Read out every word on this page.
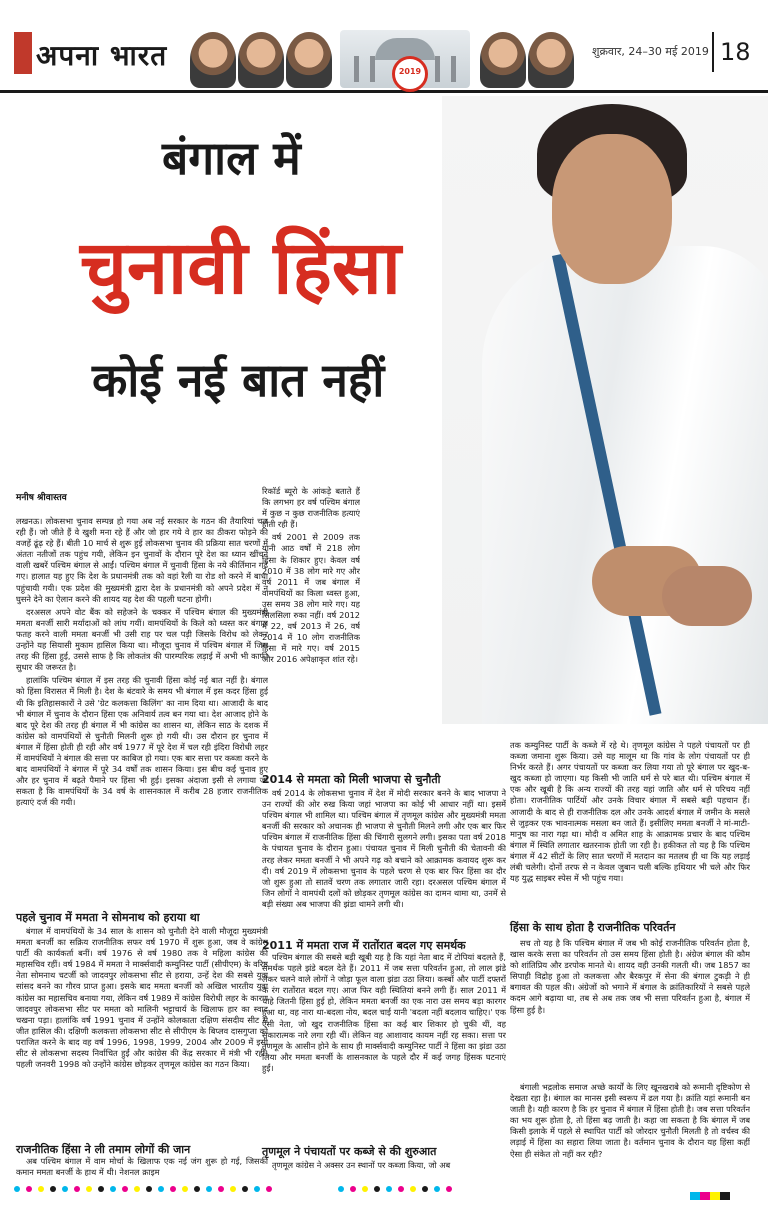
अपना भारत	2019
शुक्रवार, 24–30 मई 2019 18
बंगाल में
चुनावी हिंसा
कोई नई बात नहीं
मनीष श्रीवास्तव

लखनऊ। लोकसभा चुनाव सम्पन्न हो गया अब नई सरकार के गठन की तैयारियां चल रही हैं। जो जीते हैं वे खुशी मना रहे हैं और जो हार गये वे हार का ठीकरा फोड़ने की वजहें ढूंढ़ रहे हैं। बीती 10 मार्च से शुरू हुई लोकसभा चुनाव की प्रक्रिया सात चरणों में अंततः नतीजों तक पहुंच गयी, लेकिन इन चुनावों के दौरान पूरे देश का ध्यान खींचने वाली खबरें पश्चिम बंगाल से आईं। पश्चिम बंगाल में चुनावी हिंसा के नये कीर्तिमान गढ़े गए। हालात यह हुए कि देश के प्रधानमंत्री तक को वहां रैली या रोड शो करने में बाधा पहुंचायी गयी। एक प्रदेश की मुख्यमंत्री द्वारा देश के प्रधानमंत्री को अपने प्रदेश में न घुसने देने का ऐलान करने की शायद यह देश की पहली घटना होगी।

दरअसल अपने वोट बैंक को सहेजने के चक्कर में पश्चिम बंगाल की मुख्यमंत्री ममता बनर्जी सारी मर्यादाओं को लांघ गयीं। वामपंथियों के किले को ध्वस्त कर बंगाल फतह करने वाली ममता बनर्जी भी उसी राह पर चल पड़ी जिसके विरोध को लेकर उन्होंने यह सियासी मुकाम हासिल किया था। मौजूदा चुनाव में पश्चिम बंगाल में जिस तरह की हिंसा हुई, उससे साफ है कि लोकतंत्र की पारम्परिक लड़ाई में अभी भी काफी सुधार की जरूरत है।

हालांकि पश्चिम बंगाल में इस तरह की चुनावी हिंसा कोई नई बात नहीं है। बंगाल को हिंसा विरासत में मिली है। देश के बंटवारे के समय भी बंगाल में इस कदर हिंसा हुई थी कि इतिहासकारों ने उसे 'ग्रेट कलकत्ता किलिंग' का नाम दिया था। आजादी के बाद भी बंगाल में चुनाव के दौरान हिंसा एक अनिवार्य तत्व बन गया था। देश आजाद होने के बाद पूरे देश की तरह ही बंगाल में भी कांग्रेस का शासन था, लेकिन साठ के दशक में कांग्रेस को वामपंथियों से चुनौती मिलनी शुरू हो गयी थी। उस दौरान हर चुनाव में बंगाल में हिंसा होती ही रही और वर्ष 1977 में पूरे देश में चल रही इंदिरा विरोधी लहर में वामपंथियों ने बंगाल की सत्ता पर काबिज हो गया। एक बार सत्ता पर कब्जा करने के बाद वामपंथियों ने बंगाल में पूरे 34 वर्षों तक शासन किया। इस बीच कई चुनाव हुए और हर चुनाव में बढ़ते पैमाने पर हिंसा भी हुई। इसका अंदाजा इसी से लगाया जा सकता है कि वामपंथियों के 34 वर्ष के शासनकाल में करीब 28 हजार राजनीतिक हत्याएं दर्ज की गयी।

पहले चुनाव में ममता ने सोमनाथ को हराया था

बंगाल में वामपंथियों के 34 साल के शासन को चुनौती देने वाली मौजूदा मुख्यमंत्री ममता बनर्जी का सक्रिय राजनीतिक सफर वर्ष 1970 में शुरू हुआ, जब वे कांग्रेस पार्टी की कार्यकर्ता बनीं। वर्ष 1976 से वर्ष 1980 तक वे महिला कांग्रेस की महासचिव रहीं। वर्ष 1984 में ममता ने मार्क्सवादी कम्युनिस्ट पार्टी (सीपीएम) के वरिष्ठ नेता सोमनाथ चटर्जी को जादवपुर लोकसभा सीट से हराया, उन्हें देश की सबसे युवा सांसद बनने का गौरव प्राप्त हुआ। इसके बाद ममता बनर्जी को अखिल भारतीय युवा कांग्रेस का महासचिव बनाया गया, लेकिन वर्ष 1989 में कांग्रेस विरोधी लहर के कारण जादवपुर लोकसभा सीट पर ममता को मालिनी भट्टाचार्य के खिलाफ हार का स्वाद चखना पड़ा। हालांकि वर्ष 1991 चुनाव में उन्होंने कोलकाता दक्षिण संसदीय सीट से जीत हासिल की। दक्षिणी कलकत्ता लोकसभा सीट से सीपीएम के बिप्लव दासगुप्ता को पराजित करने के बाद वह वर्ष 1996, 1998, 1999, 2004 और 2009 में इसी सीट से लोकसभा सदस्य निर्वाचित हुईं और कांग्रेस की केंद्र सरकार में मंत्री भी रहीं। पहली जनवरी 1998 को उन्होंने कांग्रेस छोड़कर तृणमूल कांग्रेस का गठन किया।

राजनीतिक हिंसा ने ली तमाम लोगों की जान

अब पश्चिम बंगाल में वाम मोर्चा के खिलाफ एक नई जंग शुरू हो गई, जिसकी कमान ममता बनर्जी के हाथ में थी। नेशनल क्राइम

रिकॉर्ड ब्यूरो के आंकड़े बताते हैं कि लगभग हर वर्ष पश्चिम बंगाल में कुछ न कुछ राजनीतिक हत्याएं होती रही हैं।

वर्ष 2001 से 2009 तक यानी आठ वर्षों में 218 लोग हिंसा के शिकार हुए। केवल वर्ष 2010 में 38 लोग मारे गए और वर्ष 2011 में जब बंगाल में वामपंथियों का किला ध्वस्त हुआ, उस समय 38 लोग मारे गए। यह सिलसिला रुका नहीं। वर्ष 2012 में 22, वर्ष 2013 में 26, वर्ष 2014 में 10 लोग राजनीतिक हिंसा में मारे गए। वर्ष 2015 और 2016 अपेक्षाकृत शांत रहे।

2014 से ममता को मिली भाजपा से चुनौती

वर्ष 2014 के लोकसभा चुनाव में देश में मोदी सरकार बनने के बाद भाजपा ने उन राज्यों की ओर रुख किया जहां भाजपा का कोई भी आधार नहीं था। इसमें पश्चिम बंगाल भी शामिल था। पश्चिम बंगाल में तृणमूल कांग्रेस और मुख्यमंत्री ममता बनर्जी की सरकार को अचानक ही भाजपा से चुनौती मिलने लगी और एक बार फिर पश्चिम बंगाल में राजनीतिक हिंसा की चिंगारी सुलगने लगी। इसका पता वर्ष 2018 के पंचायत चुनाव के दौरान हुआ। पंचायत चुनाव में मिली चुनौती की चेतावनी की तरह लेकर ममता बनर्जी ने भी अपने गढ़ को बचाने को आक्रामक कवायद शुरू कर दी। वर्ष 2019 में लोकसभा चुनाव के पहले चरण से एक बार फिर हिंसा का दौर जो शुरू हुआ तो सातवें चरण तक लगातार जारी रहा। दरअसल पश्चिम बंगाल में जिन लोगों ने वामपंथी दलों को छोड़कर तृणमूल कांग्रेस का दामन थामा था, उनमें से बड़ी संख्या अब भाजपा की झंडा थामने लगी थी।

2011 में ममता राज में रातोंरात बदल गए समर्थक

पश्चिम बंगाल की सबसे बड़ी खूबी यह है कि यहां नेता बाद में टोपियां बदलते हैं, समर्थक पहले झंडे बदल देते हैं। 2011 में जब सत्ता परिवर्तन हुआ, तो लाल झंडे लेकर चलने वाले लोगों ने जोड़ा फूल वाला झंडा उठा लिया। कस्बों और पार्टी दफ्तरों के रंग रातोंरात बदल गए। आज फिर वही स्थितियां बनने लगी हैं। साल 2011 में चाहे जितनी हिंसा हुई हो, लेकिन ममता बनर्जी का एक नारा उस समय बड़ा कारगर हुआ था, वह नारा था-बदला नोय, बदल चाई यानी 'बदला नहीं बदलाव चाहिए।' एक ऐसी नेता, जो खुद राजनीतिक हिंसा का कई बार शिकार हो चुकी थीं, वह सकारात्मक नारे लगा रही थीं। लेकिन वह आशावाद कायम नहीं रह सका। सत्ता पर तृणमूल के आसीन होने के साथ ही मार्क्सवादी कम्युनिस्ट पार्टी ने हिंसा का झंडा उठा लिया और ममता बनर्जी के शासनकाल के पहले दौर में कई जगह हिंसक घटनाएं हुईं।

तृणमूल ने पंचायतों पर कब्जे से की शुरुआत

तृणमूल कांग्रेस ने अक्सर उन स्थानों पर कब्जा किया, जो अब

तक कम्युनिस्ट पार्टी के कब्जे में रहे थे। तृणमूल कांग्रेस ने पहले पंचायतों पर ही कब्जा जमाना शुरू किया। उसे यह मालूम था कि गांव के लोग पंचायतों पर ही निर्भर करते हैं। अगर पंचायतों पर कब्जा कर लिया गया तो पूरे बंगाल पर खुद-ब-खुद कब्जा हो जाएगा। यह किसी भी जाति धर्म से परे बात थी। पश्चिम बंगाल में एक और खूबी है कि अन्य राज्यों की तरह यहां जाति और धर्म से परिचय नहीं होता। राजनीतिक पार्टियों और उनके विचार बंगाल में सबसे बड़ी पहचान हैं। आजादी के बाद से ही राजनीतिक दल और उनके आदर्श बंगाल में जमीन के मसले से जुड़कर एक भावनात्मक मसला बन जाते हैं। इसीलिए ममता बनर्जी ने मां-माटी-मानुष का नारा गढ़ा था। मोदी व अमित शाह के आक्रामक प्रचार के बाद पश्चिम बंगाल में स्थिति लगातार खतरनाक होती जा रही है। हकीकत तो यह है कि पश्चिम बंगाल में 42 सीटों के लिए सात चरणों में मतदान का मतलब ही था कि यह लड़ाई लंबी चलेगी। दोनों तरफ से न केवल जुबान चली बल्कि हथियार भी चले और फिर यह युद्ध साइबर स्पेस में भी पहुंच गया।

हिंसा के साथ होता है राजनीतिक परिवर्तन

सच तो यह है कि पश्चिम बंगाल में जब भी कोई राजनीतिक परिवर्तन होता है, खास करके सत्ता का परिवर्तन तो उस समय हिंसा होती है। अंग्रेज बंगाल की कौम को शांतिप्रिय और डरपोक मानते थे। शायद वही उनकी गलती थी। जब 1857 का सिपाही विद्रोह हुआ तो कलकत्ता और बैरकपुर में सेना की बंगाल टुकड़ी ने ही बगावत की पहल की। अंग्रेजों को भगाने में बंगाल के क्रांतिकारियों ने सबसे पहले कदम आगे बढ़ाया था, तब से अब तक जब भी सत्ता परिवर्तन हुआ है, बंगाल में हिंसा हुई है।

बंगाली भद्रलोक समाज अच्छे कार्यों के लिए खूनखराबे को रूमानी दृष्टिकोण से देखता रहा है। बंगाल का मानस इसी स्वरूप में ढल गया है। क्रांति यहां रूमानी बन जाती है। यही कारण है कि हर चुनाव में बंगाल में हिंसा होती है। जब सत्ता परिवर्तन का भय शुरू होता है, तो हिंसा बढ़ जाती है। कहा जा सकता है कि बंगाल में जब किसी इलाके में पहले से स्थापित पार्टी को जोरदार चुनौती मिलती है तो वर्चस्व की लड़ाई में हिंसा का सहारा लिया जाता है। वर्तमान चुनाव के दौरान यह हिंसा कहीं ऐसा ही संकेत तो नहीं कर रही?
